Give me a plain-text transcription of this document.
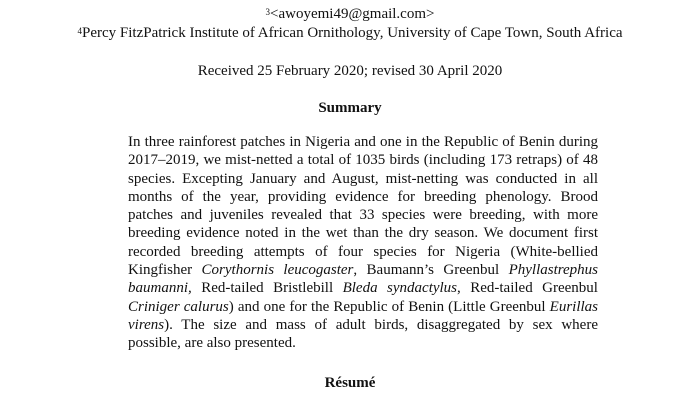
$^3$<awoyemi49@gmail.com>
$^4$Percy FitzPatrick Institute of African Ornithology, University of Cape Town, South Africa
Received 25 February 2020; revised 30 April 2020
Summary
In three rainforest patches in Nigeria and one in the Republic of Benin during
2017–2019, we mist-netted a total of 1035 birds (including 173 retraps) of 48
species. Excepting January and August, mist-netting was conducted in all
months of the year, providing evidence for breeding phenology. Brood
patches and juveniles revealed that 33 species were breeding, with more
breeding evidence noted in the wet than the dry season. We document first
recorded breeding attempts of four species for Nigeria (White-bellied
Kingfisher Corythornis leucogaster, Baumann’s Greenbul Phyllastrephus
baumanni, Red-tailed Bristlebill Bleda syndactylus, Red-tailed Greenbul
Criniger calurus) and one for the Republic of Benin (Little Greenbul Eurillas
virens). The size and mass of adult birds, disaggregated by sex where
possible, are also presented.
Résumé
